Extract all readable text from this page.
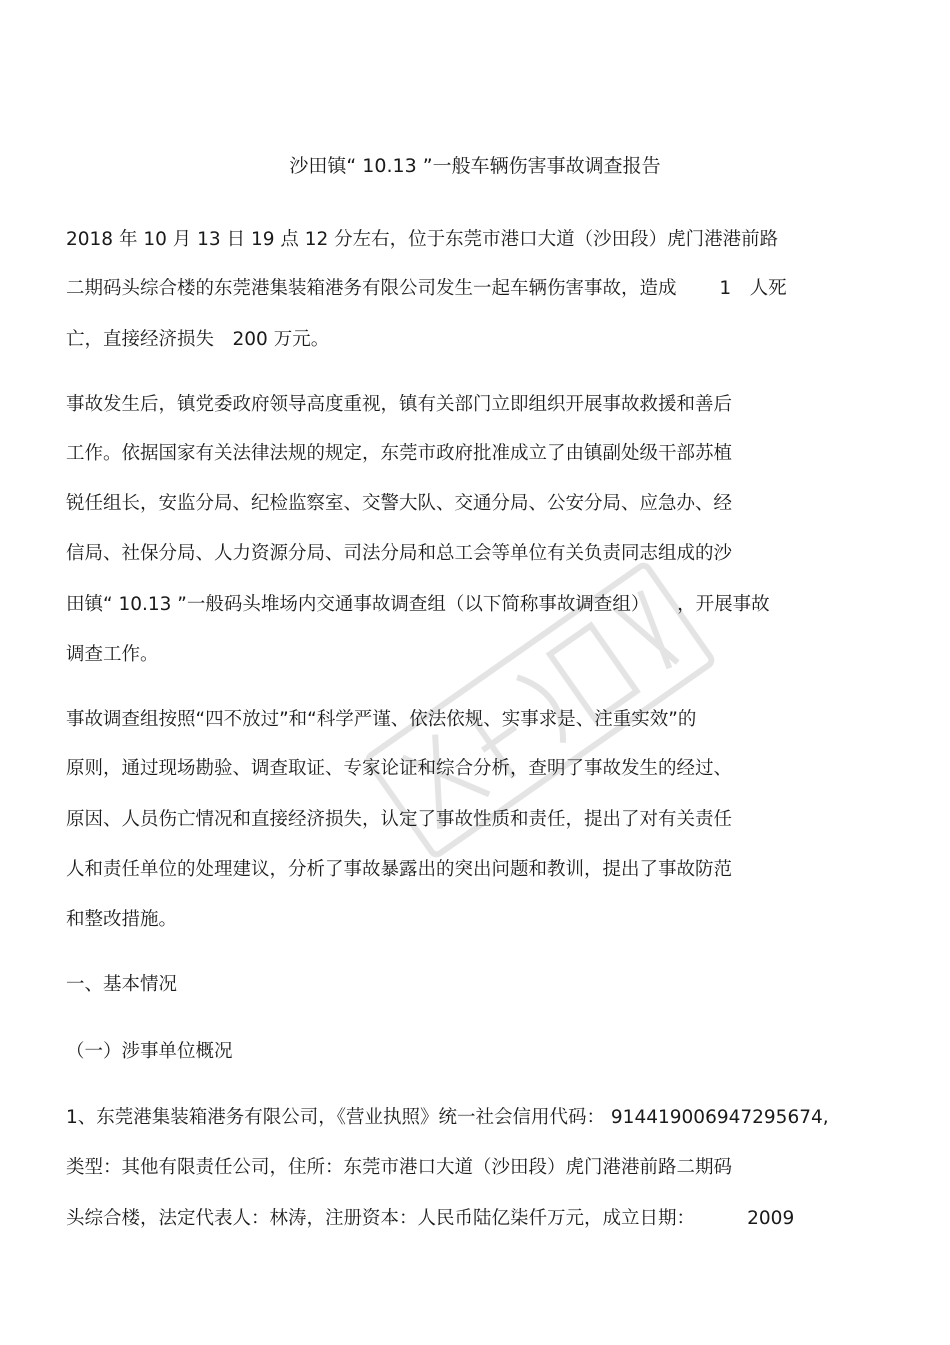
沙田镇“ 10.13 ”一般车辆伤害事故调查报告

2018 年 10 月 13 日 19 点 12 分左右，位于东莞市港口大道（沙田段）虎门港港前路

二期码头综合楼的东莞港集装箱港务有限公司发生一起车辆伤害事故，造成　　 1　人死

亡，直接经济损失　200 万元。

事故发生后，镇党委政府领导高度重视，镇有关部门立即组织开展事故救援和善后

工作。依据国家有关法律法规的规定，东莞市政府批准成立了由镇副处级干部苏植

锐任组长，安监分局、纪检监察室、交警大队、交通分局、公安分局、应急办、经

信局、社保分局、人力资源分局、司法分局和总工会等单位有关负责同志组成的沙

田镇“ 10.13 ”一般码头堆场内交通事故调查组（以下简称事故调查组）　　，开展事故

调查工作。

事故调查组按照“四不放过”和“科学严谨、依法依规、实事求是、注重实效”的

原则，通过现场勘验、调查取证、专家论证和综合分析，查明了事故发生的经过、

原因、人员伤亡情况和直接经济损失，认定了事故性质和责任，提出了对有关责任

人和责任单位的处理建议，分析了事故暴露出的突出问题和教训，提出了事故防范

和整改措施。

一、基本情况

（一）涉事单位概况

1、东莞港集装箱港务有限公司，《营业执照》统一社会信用代码： 914419006947295674,

类型：其他有限责任公司，住所：东莞市港口大道（沙田段）虎门港港前路二期码

头综合楼，法定代表人：林涛，注册资本：人民币陆亿柒仟万元，成立日期：　　　 2009
